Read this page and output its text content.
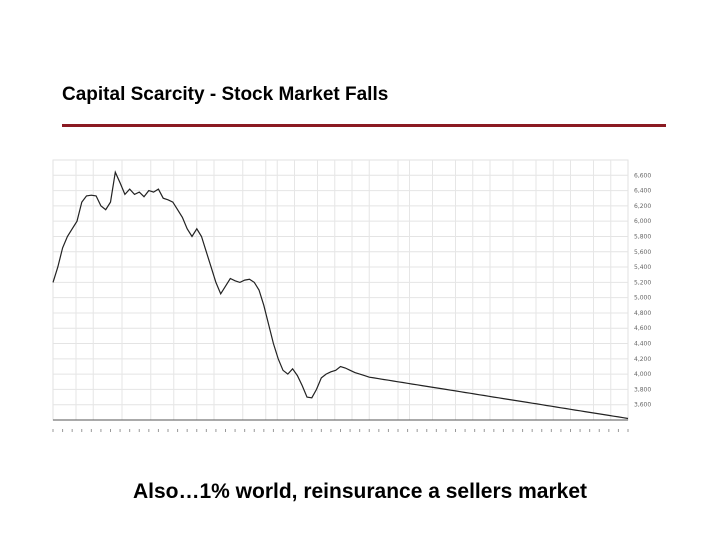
Capital Scarcity - Stock Market Falls
3,600
3,800
4,000
4,200
4,400
4,600
4,800
5,000
5,200
5,400
5,600
5,800
6,000
6,200
6,400
6,600
Also…1% world, reinsurance a sellers market
